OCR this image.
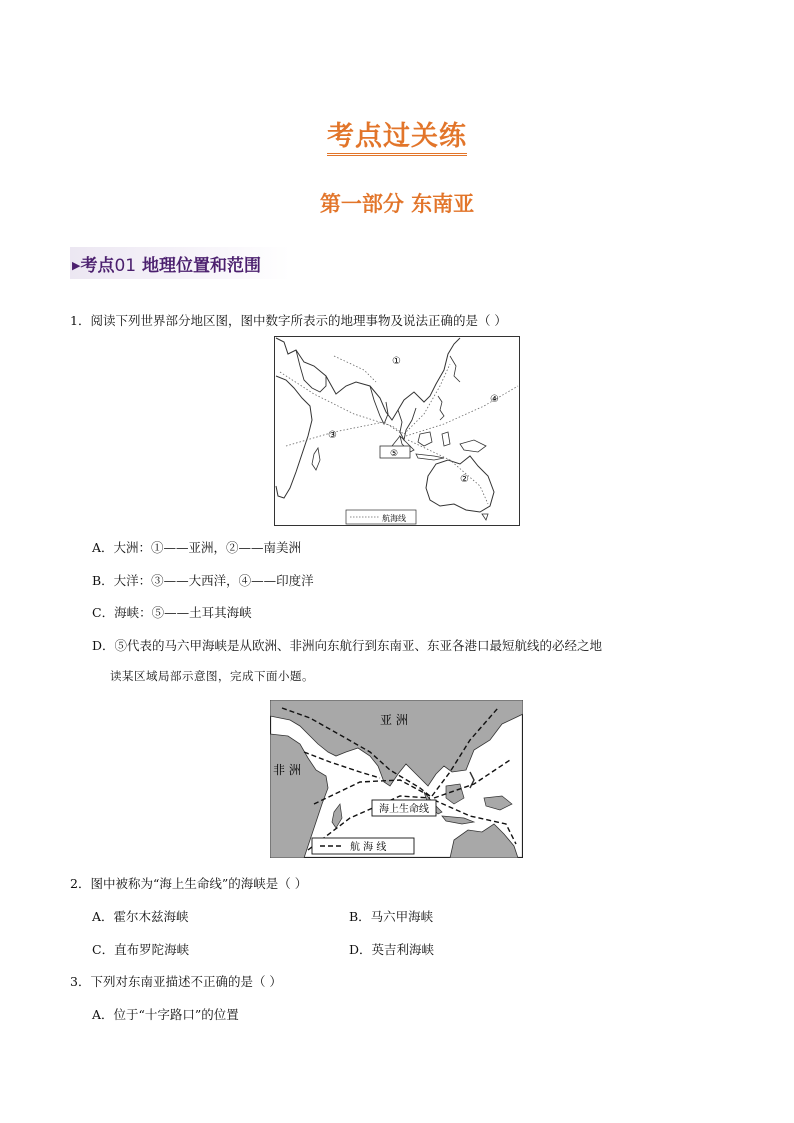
考点过关练
第一部分 东南亚
▶考点01 地理位置和范围
1．阅读下列世界部分地区图，图中数字所表示的地理事物及说法正确的是（ ）
①
②
③
④
⑤
航海线
A．大洲：①——亚洲，②——南美洲
B．大洋：③——大西洋，④——印度洋
C．海峡：⑤——土耳其海峡
D．⑤代表的马六甲海峡是从欧洲、非洲向东航行到东南亚、东亚各港口最短航线的必经之地
读某区域局部示意图，完成下面小题。
海上生命线
亚 洲
非 洲
航 海 线
2．图中被称为“海上生命线”的海峡是（ ）
A．霍尔木兹海峡	B．马六甲海峡
C．直布罗陀海峡	D．英吉利海峡
3．下列对东南亚描述不正确的是（ ）
A．位于“十字路口”的位置
